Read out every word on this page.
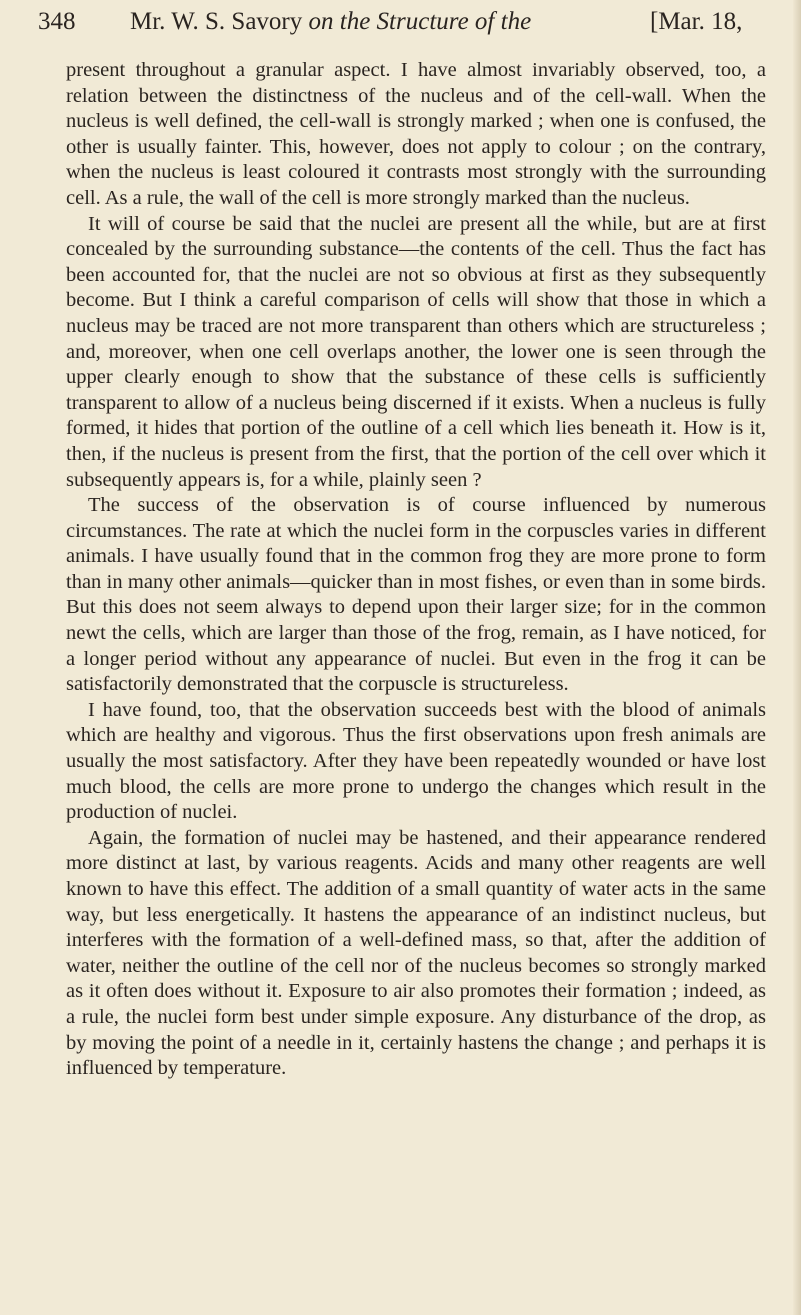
348 Mr. W. S. Savory on the Structure of the	[Mar. 18,

present throughout a granular aspect. I have almost invariably observed, too, a relation between the distinctness of the nucleus and of the cell-wall. When the nucleus is well defined, the cell-wall is strongly marked ; when one is confused, the other is usually fainter. This, however, does not apply to colour ; on the contrary, when the nucleus is least coloured it contrasts most strongly with the surrounding cell. As a rule, the wall of the cell is more strongly marked than the nucleus.

It will of course be said that the nuclei are present all the while, but are at first concealed by the surrounding substance—the contents of the cell. Thus the fact has been accounted for, that the nuclei are not so obvious at first as they subsequently become. But I think a careful comparison of cells will show that those in which a nucleus may be traced are not more transparent than others which are structureless ; and, moreover, when one cell overlaps another, the lower one is seen through the upper clearly enough to show that the substance of these cells is sufficiently transparent to allow of a nucleus being discerned if it exists. When a nucleus is fully formed, it hides that portion of the outline of a cell which lies beneath it. How is it, then, if the nucleus is present from the first, that the portion of the cell over which it subsequently appears is, for a while, plainly seen ?

The success of the observation is of course influenced by numerous circumstances. The rate at which the nuclei form in the corpuscles varies in different animals. I have usually found that in the common frog they are more prone to form than in many other animals—quicker than in most fishes, or even than in some birds. But this does not seem always to depend upon their larger size; for in the common newt the cells, which are larger than those of the frog, remain, as I have noticed, for a longer period without any appearance of nuclei. But even in the frog it can be satisfactorily demonstrated that the corpuscle is structureless.

I have found, too, that the observation succeeds best with the blood of animals which are healthy and vigorous. Thus the first observations upon fresh animals are usually the most satisfactory. After they have been repeatedly wounded or have lost much blood, the cells are more prone to undergo the changes which result in the production of nuclei.

Again, the formation of nuclei may be hastened, and their appearance rendered more distinct at last, by various reagents. Acids and many other reagents are well known to have this effect. The addition of a small quantity of water acts in the same way, but less energetically. It hastens the appearance of an indistinct nucleus, but interferes with the formation of a well-defined mass, so that, after the addition of water, neither the outline of the cell nor of the nucleus becomes so strongly marked as it often does without it. Exposure to air also promotes their formation ; indeed, as a rule, the nuclei form best under simple exposure. Any disturbance of the drop, as by moving the point of a needle in it, certainly hastens the change ; and perhaps it is influenced by temperature.
